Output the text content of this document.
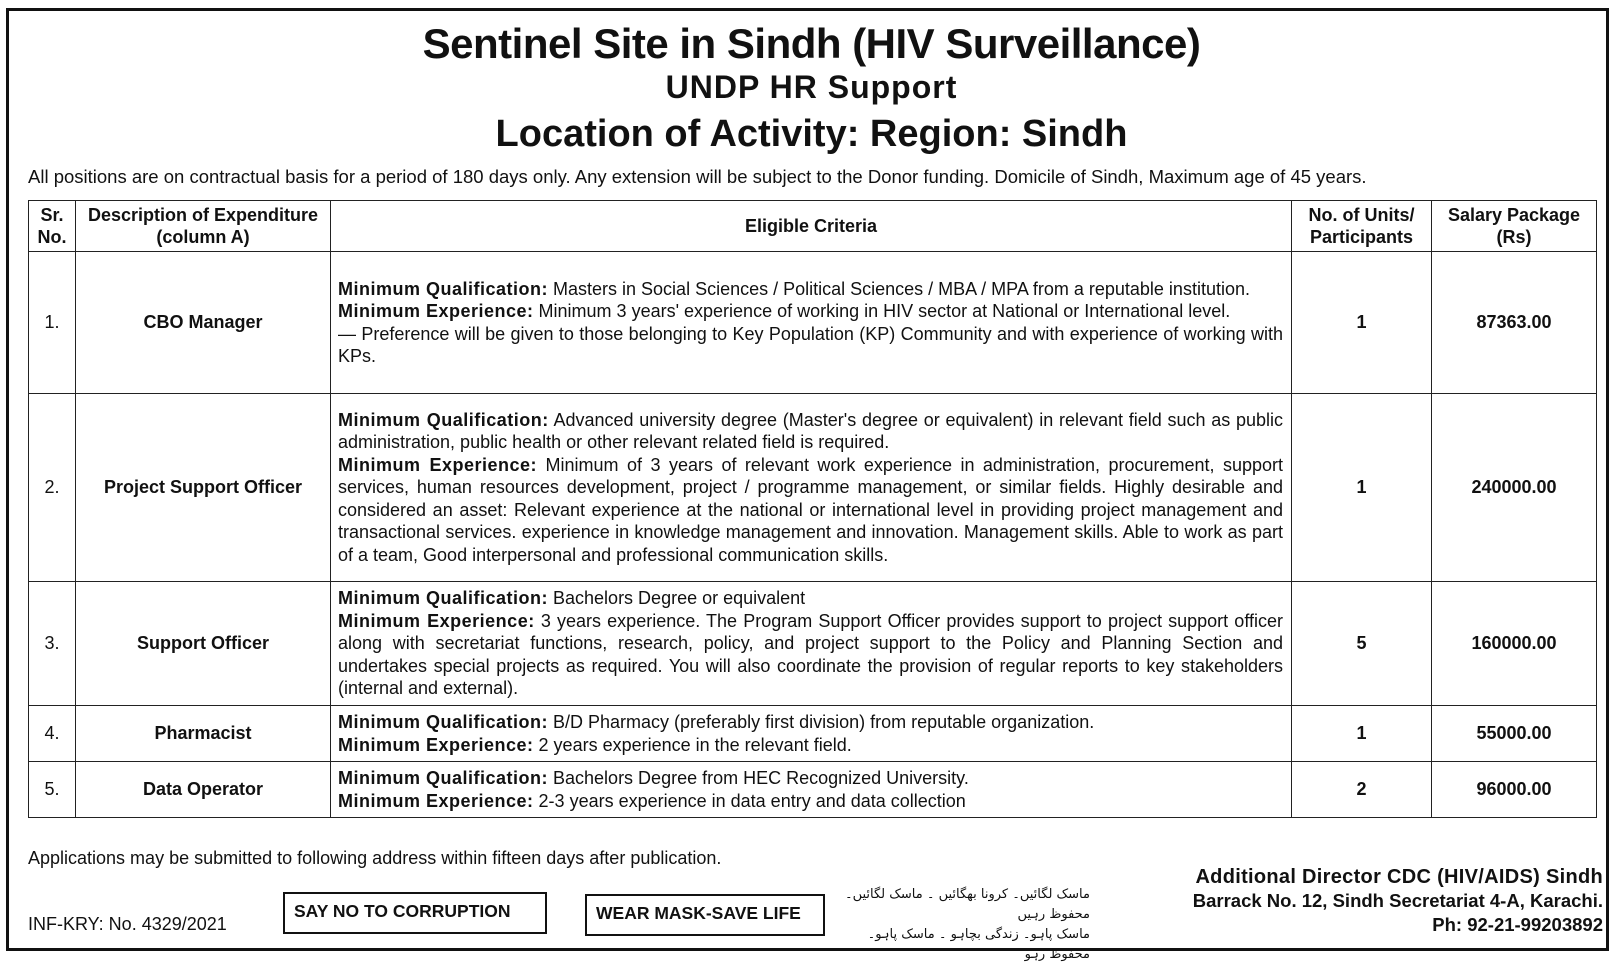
Sentinel Site in Sindh (HIV Surveillance)
UNDP HR Support
Location of Activity: Region: Sindh
All positions are on contractual basis for a period of 180 days only. Any extension will be subject to the Donor funding. Domicile of Sindh, Maximum age of 45 years.
Sr. No.	Description of Expenditure (column A)	Eligible Criteria	No. of Units/ Participants	Salary Package (Rs)
1.	CBO Manager	Minimum Qualification: Masters in Social Sciences / Political Sciences / MBA / MPA from a reputable institution.
Minimum Experience: Minimum 3 years' experience of working in HIV sector at National or International level.
— Preference will be given to those belonging to Key Population (KP) Community and with experience of working with KPs.	1	87363.00
2.	Project Support Officer	Minimum Qualification: Advanced university degree (Master's degree or equivalent) in relevant field such as public administration, public health or other relevant related field is required.
Minimum Experience: Minimum of 3 years of relevant work experience in administration, procurement, support services, human resources development, project / programme management, or similar fields. Highly desirable and considered an asset: Relevant experience at the national or international level in providing project management and transactional services. experience in knowledge management and innovation. Management skills. Able to work as part of a team, Good interpersonal and professional communication skills.	1	240000.00
3.	Support Officer	Minimum Qualification: Bachelors Degree or equivalent
Minimum Experience: 3 years experience. The Program Support Officer provides support to project support officer along with secretariat functions, research, policy, and project support to the Policy and Planning Section and undertakes special projects as required. You will also coordinate the provision of regular reports to key stakeholders (internal and external).	5	160000.00
4.	Pharmacist	Minimum Qualification: B/D Pharmacy (preferably first division) from reputable organization.
Minimum Experience: 2 years experience in the relevant field.	1	55000.00
5.	Data Operator	Minimum Qualification: Bachelors Degree from HEC Recognized University.
Minimum Experience: 2-3 years experience in data entry and data collection	2	96000.00
Applications may be submitted to following address within fifteen days after publication.
INF-KRY: No. 4329/2021
SAY NO TO CORRUPTION	WEAR MASK-SAVE LIFE
ماسک لگائیں۔ کرونا بھگائیں ۔ ماسک لگائیں۔ محفوظ رہیں
ماسک پاہو۔ زندگی بچاہو ۔ ماسک پاہو۔ محفوظ رہو
Additional Director CDC (HIV/AIDS) Sindh
Barrack No. 12, Sindh Secretariat 4-A, Karachi.
Ph: 92-21-99203892
